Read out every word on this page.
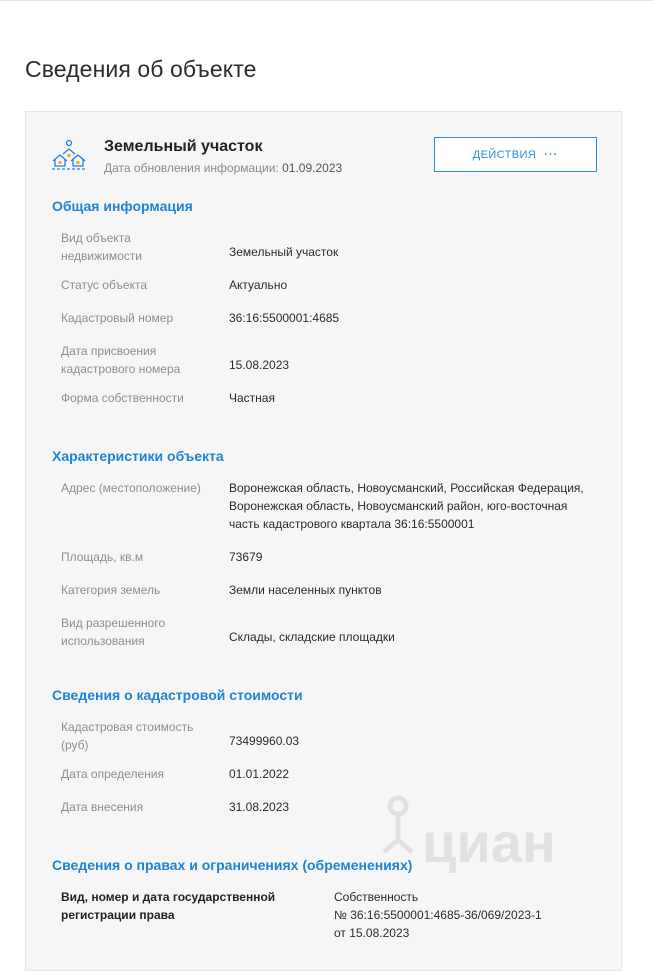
Сведения об объекте
Земельный участок
Дата обновления информации: 01.09.2023
ДЕЙСТВИЯ ···
Общая информация
Вид объекта недвижимости	Земельный участок
Статус объекта	Актуально
Кадастровый номер	36:16:5500001:4685
Дата присвоения кадастрового номера	15.08.2023
Форма собственности	Частная
Характеристики объекта
Адрес (местоположение)	Воронежская область, Новоусманский, Российская Федерация, Воронежская область, Новоусманский район, юго-восточная часть кадастрового квартала 36:16:5500001
Площадь, кв.м	73679
Категория земель	Земли населенных пунктов
Вид разрешенного использования	Склады, складские площадки
Сведения о кадастровой стоимости
Кадастровая стоимость (руб)	73499960.03
Дата определения	01.01.2022
Дата внесения	31.08.2023
Сведения о правах и ограничениях (обременениях)
Вид, номер и дата государственной регистрации права
Собственность
№ 36:16:5500001:4685-36/069/2023-1
от 15.08.2023
циан
